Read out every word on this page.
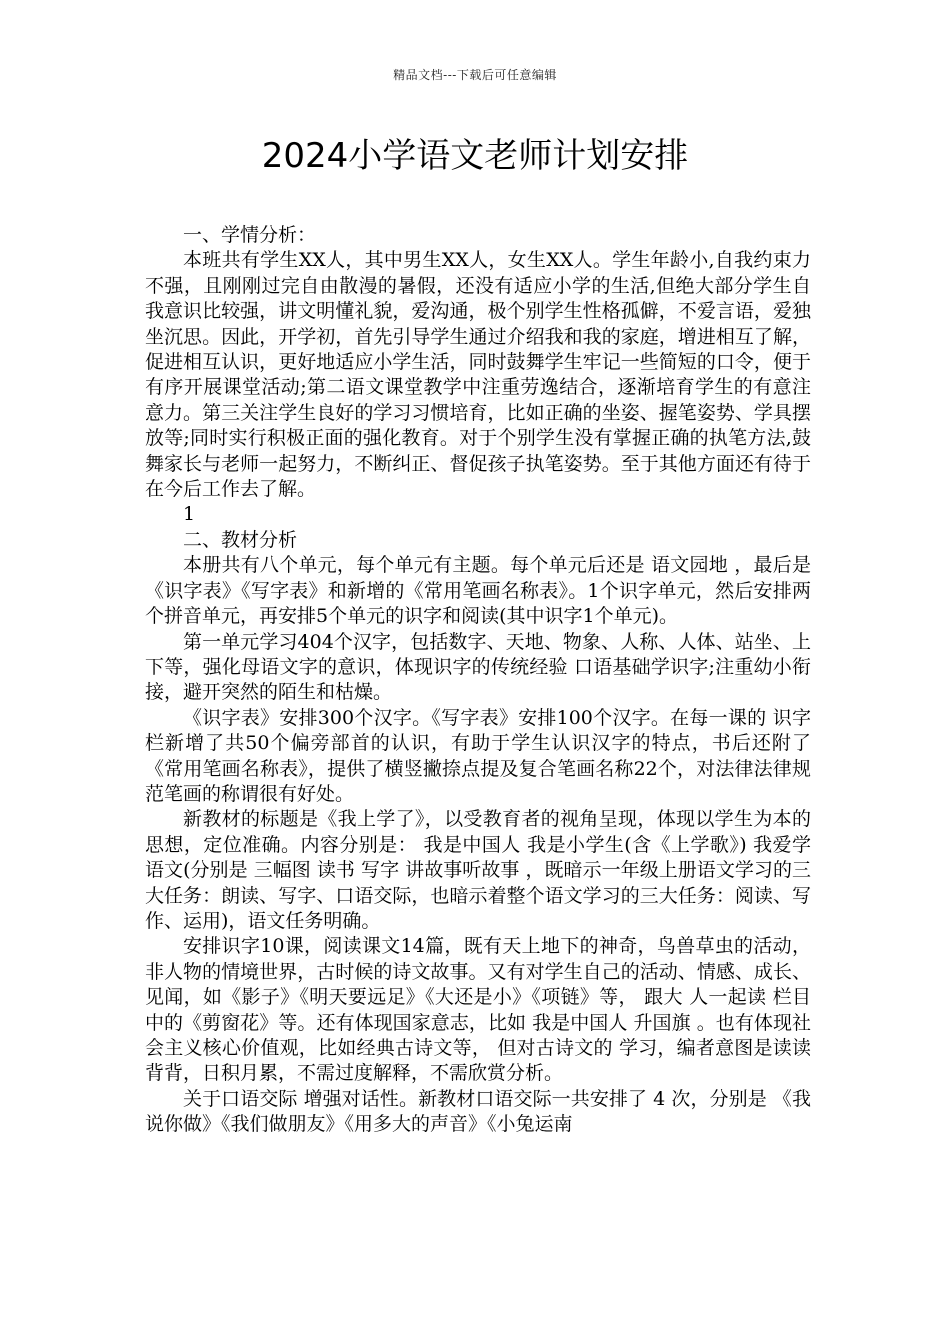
精品文档---下载后可任意编辑
2024小学语文老师计划安排

一、学情分析：

本班共有学生XX人，其中男生XX人，女生XX人。学生年龄小,自我约束力不强，且刚刚过完自由散漫的暑假，还没有适应小学的生活,但绝大部分学生自我意识比较强，讲文明懂礼貌，爱沟通，极个别学生性格孤僻，不爱言语，爱独坐沉思。因此，开学初，首先引导学生通过介绍我和我的家庭，增进相互了解，促进相互认识，更好地适应小学生活，同时鼓舞学生牢记一些简短的口令，便于有序开展课堂活动;第二语文课堂教学中注重劳逸结合，逐渐培育学生的有意注意力。第三关注学生良好的学习习惯培育，比如正确的坐姿、握笔姿势、学具摆放等;同时实行积极正面的强化教育。对于个别学生没有掌握正确的执笔方法,鼓舞家长与老师一起努力，不断纠正、督促孩子执笔姿势。至于其他方面还有待于在今后工作去了解。

1

二、教材分析

本册共有八个单元，每个单元有主题。每个单元后还是 语文园地 ，最后是《识字表》《写字表》和新增的《常用笔画名称表》。1个识字单元，然后安排两个拼音单元，再安排5个单元的识字和阅读(其中识字1个单元)。

第一单元学习404个汉字，包括数字、天地、物象、人称、人体、站坐、上下等，强化母语文字的意识，体现识字的传统经验 口语基础学识字;注重幼小衔接，避开突然的陌生和枯燥。

《识字表》安排300个汉字。《写字表》安排100个汉字。在每一课的 识字 栏新增了共50个偏旁部首的认识，有助于学生认识汉字的特点，书后还附了《常用笔画名称表》，提供了横竖撇捺点提及复合笔画名称22个，对法律法律规范笔画的称谓很有好处。

新教材的标题是《我上学了》，以受教育者的视角呈现，体现以学生为本的思想，定位准确。内容分别是： 我是中国人 我是小学生(含《上学歌》) 我爱学语文(分别是 三幅图 读书 写字 讲故事听故事 ，既暗示一年级上册语文学习的三大任务：朗读、写字、口语交际，也暗示着整个语文学习的三大任务：阅读、写作、运用)，语文任务明确。

安排识字10课，阅读课文14篇，既有天上地下的神奇，鸟兽草虫的活动，非人物的情境世界，古时候的诗文故事。又有对学生自己的活动、情感、成长、见闻，如《影子》《明天要远足》《大还是小》《项链》等， 跟大 人一起读 栏目中的《剪窗花》等。还有体现国家意志，比如 我是中国人 升国旗 。也有体现社会主义核心价值观，比如经典古诗文等， 但对古诗文的 学习，编者意图是读读背背，日积月累，不需过度解释，不需欣赏分析。

关于口语交际 增强对话性。新教材口语交际一共安排了 4 次，分别是 《我说你做》《我们做朋友》《用多大的声音》《小兔运南
